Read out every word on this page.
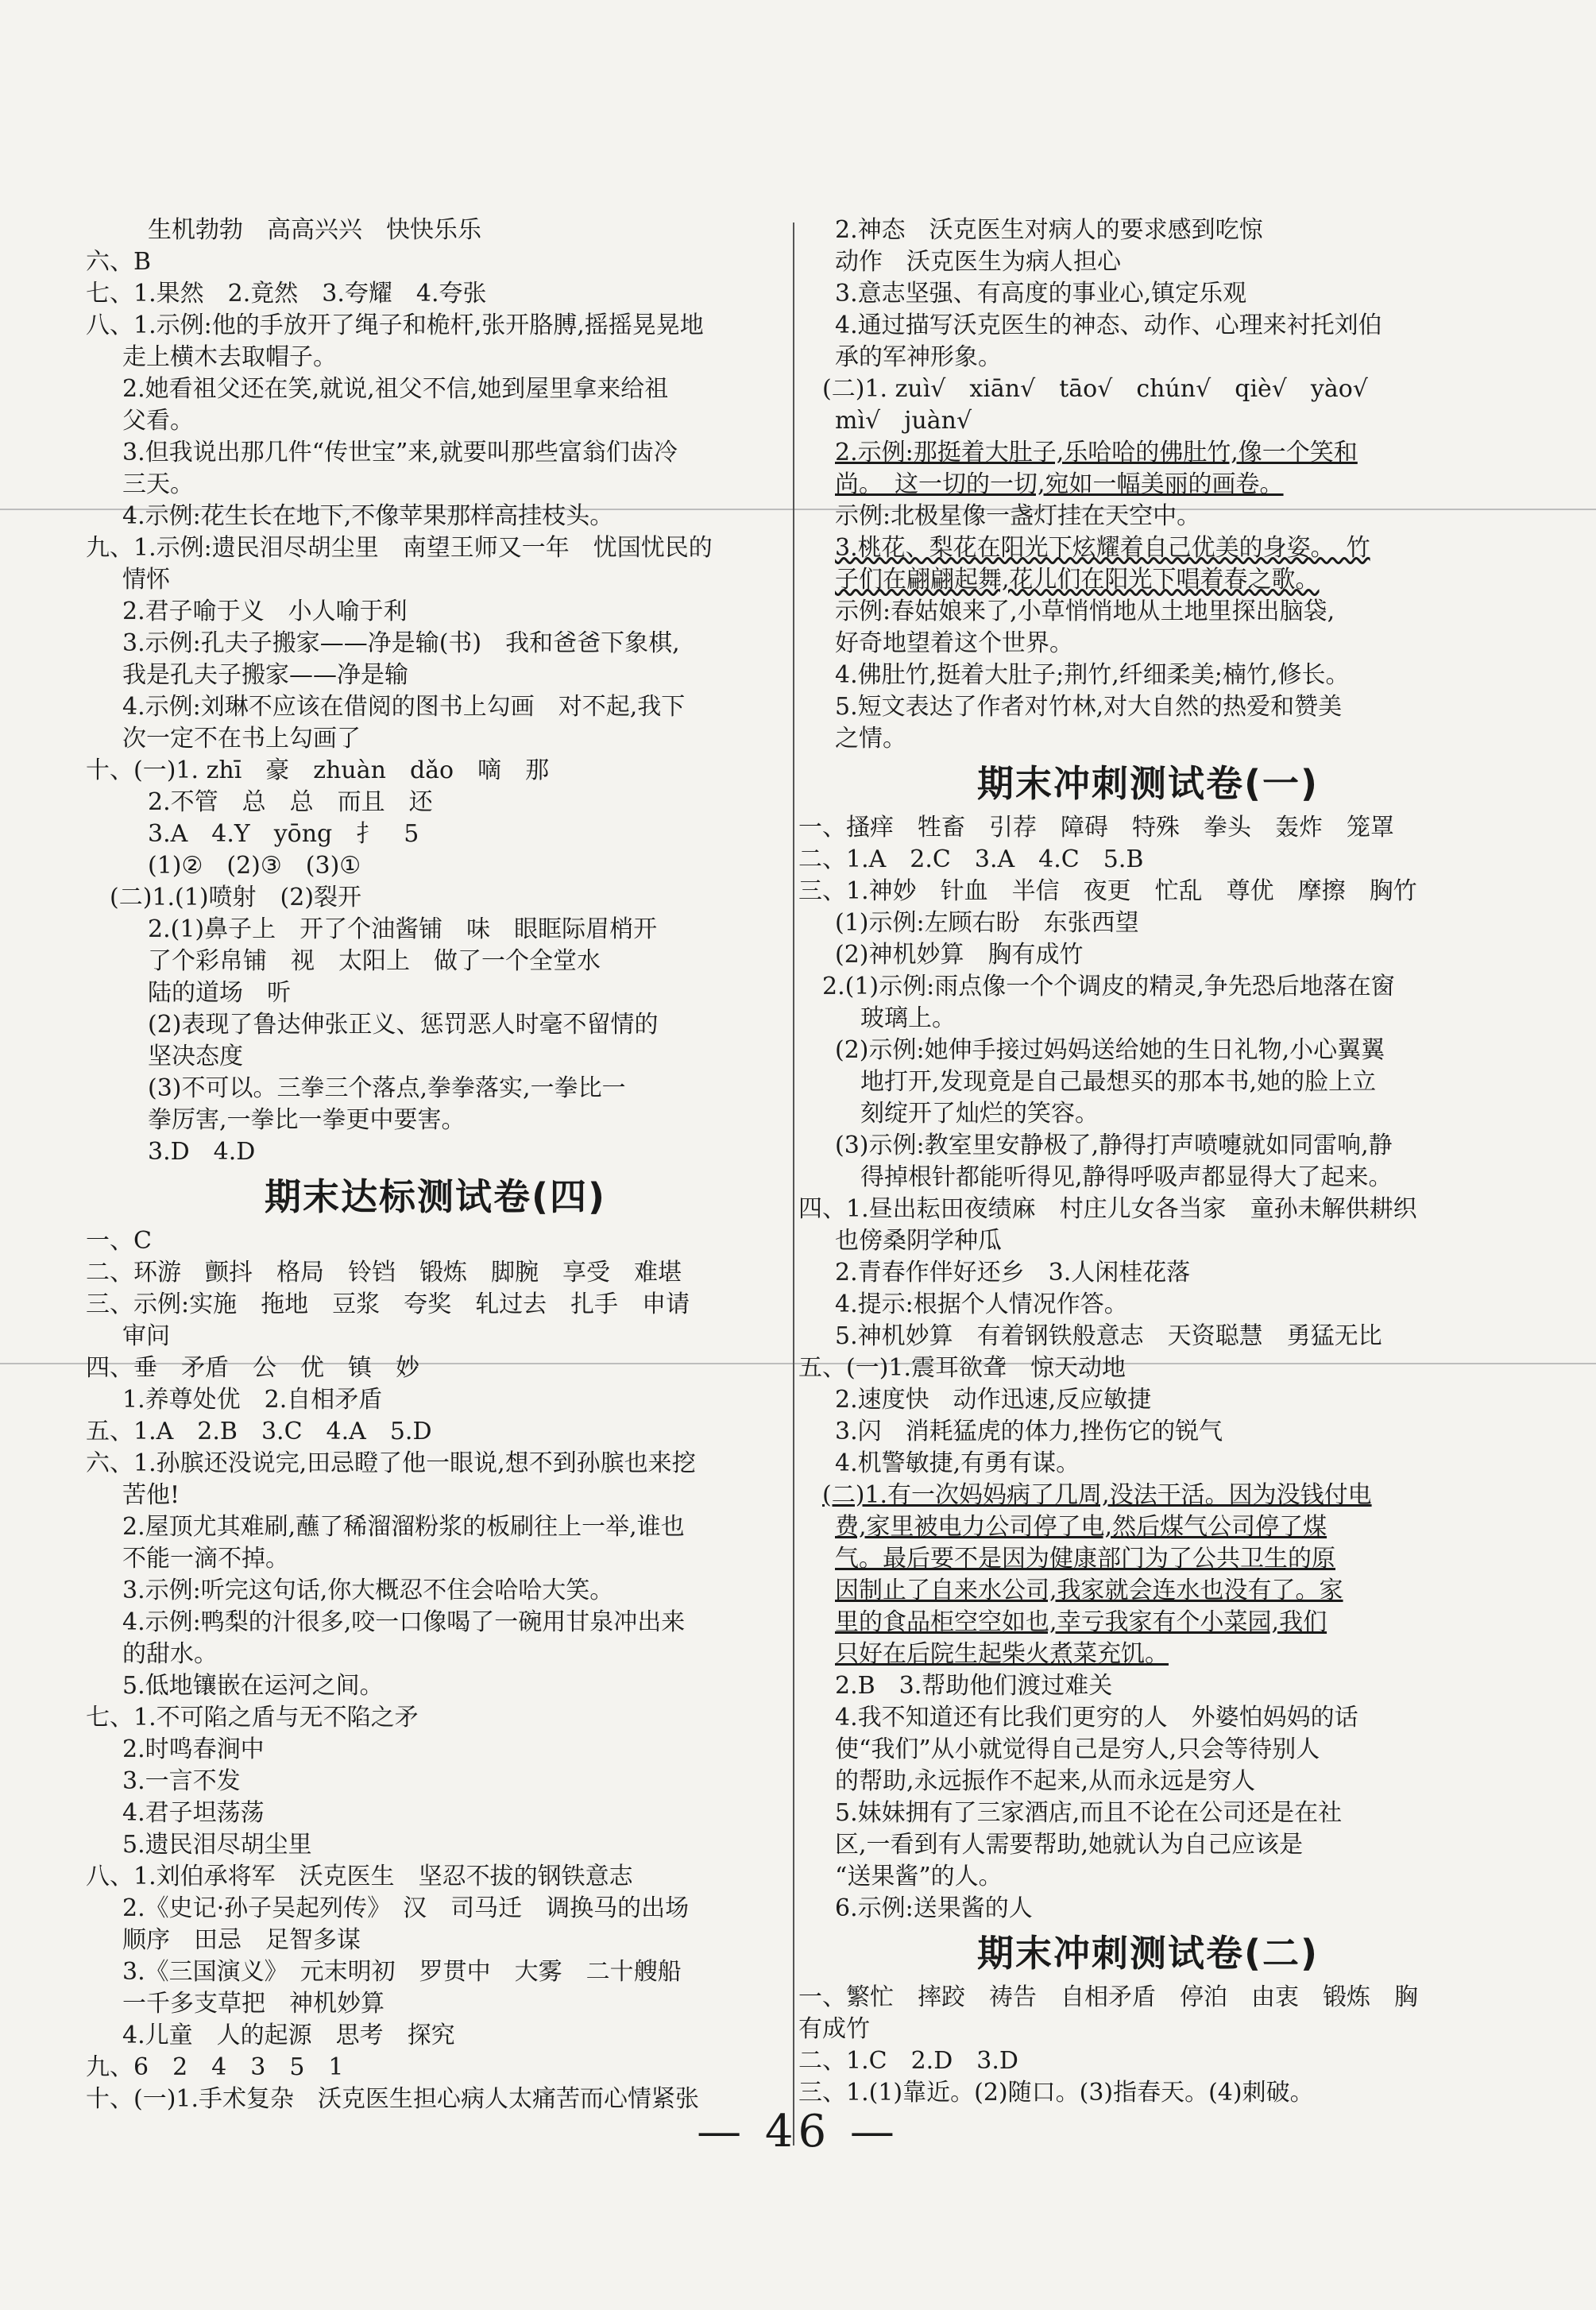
生机勃勃　高高兴兴　快快乐乐
六、B
七、1.果然　2.竟然　3.夸耀　4.夸张
八、1.示例:他的手放开了绳子和桅杆,张开胳膊,摇摇晃晃地
走上横木去取帽子。
2.她看祖父还在笑,就说,祖父不信,她到屋里拿来给祖
父看。
3.但我说出那几件“传世宝”来,就要叫那些富翁们齿冷
三天。
4.示例:花生长在地下,不像苹果那样高挂枝头。
九、1.示例:遗民泪尽胡尘里　南望王师又一年　忧国忧民的
情怀
2.君子喻于义　小人喻于利
3.示例:孔夫子搬家——净是输(书)　我和爸爸下象棋,
我是孔夫子搬家——净是输
4.示例:刘琳不应该在借阅的图书上勾画　对不起,我下
次一定不在书上勾画了
十、(一)1. zhī　豪　zhuàn　dǎo　嘀　那
2.不管　总　总　而且　还
3.A　4.Y　yōng　扌　5
(1)②　(2)③　(3)①
(二)1.(1)喷射　(2)裂开
2.(1)鼻子上　开了个油酱铺　味　眼眶际眉梢开
了个彩帛铺　视　太阳上　做了一个全堂水
陆的道场　听
(2)表现了鲁达伸张正义、惩罚恶人时毫不留情的
坚决态度
(3)不可以。三拳三个落点,拳拳落实,一拳比一
拳厉害,一拳比一拳更中要害。
3.D　4.D
期末达标测试卷(四)
一、C
二、环游　颤抖　格局　铃铛　锻炼　脚腕　享受　难堪
三、示例:实施　拖地　豆浆　夸奖　轧过去　扎手　申请
审问
四、垂　矛盾　公　优　镇　妙
1.养尊处优　2.自相矛盾
五、1.A　2.B　3.C　4.A　5.D
六、1.孙膑还没说完,田忌瞪了他一眼说,想不到孙膑也来挖
苦他!
2.屋顶尤其难刷,蘸了稀溜溜粉浆的板刷往上一举,谁也
不能一滴不掉。
3.示例:听完这句话,你大概忍不住会哈哈大笑。
4.示例:鸭梨的汁很多,咬一口像喝了一碗用甘泉冲出来
的甜水。
5.低地镶嵌在运河之间。
七、1.不可陷之盾与无不陷之矛
2.时鸣春涧中
3.一言不发
4.君子坦荡荡
5.遗民泪尽胡尘里
八、1.刘伯承将军　沃克医生　坚忍不拔的钢铁意志
2.《史记·孙子吴起列传》　汉　司马迁　调换马的出场
顺序　田忌　足智多谋
3.《三国演义》　元末明初　罗贯中　大雾　二十艘船
一千多支草把　神机妙算
4.儿童　人的起源　思考　探究
九、6　2　4　3　5　1
十、(一)1.手术复杂　沃克医生担心病人太痛苦而心情紧张
2.神态　沃克医生对病人的要求感到吃惊
动作　沃克医生为病人担心
3.意志坚强、有高度的事业心,镇定乐观
4.通过描写沃克医生的神态、动作、心理来衬托刘伯
承的军神形象。
(二)1. zuì√　xiān√　tāo√　chún√　qiè√　yào√
mì√　juàn√
2.示例:那挺着大肚子,乐哈哈的佛肚竹,像一个笑和
尚。　这一切的一切,宛如一幅美丽的画卷。
示例:北极星像一盏灯挂在天空中。
3.桃花、梨花在阳光下炫耀着自己优美的身姿。　竹
子们在翩翩起舞,花儿们在阳光下唱着春之歌。
示例:春姑娘来了,小草悄悄地从土地里探出脑袋,
好奇地望着这个世界。
4.佛肚竹,挺着大肚子;荆竹,纤细柔美;楠竹,修长。
5.短文表达了作者对竹林,对大自然的热爱和赞美
之情。
期末冲刺测试卷(一)
一、搔痒　牲畜　引荐　障碍　特殊　拳头　轰炸　笼罩
二、1.A　2.C　3.A　4.C　5.B
三、1.神妙　针血　半信　夜更　忙乱　尊优　摩擦　胸竹
(1)示例:左顾右盼　东张西望
(2)神机妙算　胸有成竹
2.(1)示例:雨点像一个个调皮的精灵,争先恐后地落在窗
玻璃上。
(2)示例:她伸手接过妈妈送给她的生日礼物,小心翼翼
地打开,发现竟是自己最想买的那本书,她的脸上立
刻绽开了灿烂的笑容。
(3)示例:教室里安静极了,静得打声喷嚏就如同雷响,静
得掉根针都能听得见,静得呼吸声都显得大了起来。
四、1.昼出耘田夜绩麻　村庄儿女各当家　童孙未解供耕织
也傍桑阴学种瓜
2.青春作伴好还乡　3.人闲桂花落
4.提示:根据个人情况作答。
5.神机妙算　有着钢铁般意志　天资聪慧　勇猛无比
五、(一)1.震耳欲聋　惊天动地
2.速度快　动作迅速,反应敏捷
3.闪　消耗猛虎的体力,挫伤它的锐气
4.机警敏捷,有勇有谋。
(二)1.有一次妈妈病了几周,没法干活。因为没钱付电
费,家里被电力公司停了电,然后煤气公司停了煤
气。最后要不是因为健康部门为了公共卫生的原
因制止了自来水公司,我家就会连水也没有了。家
里的食品柜空空如也,幸亏我家有个小菜园,我们
只好在后院生起柴火煮菜充饥。
2.B　3.帮助他们渡过难关
4.我不知道还有比我们更穷的人　外婆怕妈妈的话
使“我们”从小就觉得自己是穷人,只会等待别人
的帮助,永远振作不起来,从而永远是穷人
5.妹妹拥有了三家酒店,而且不论在公司还是在社
区,一看到有人需要帮助,她就认为自己应该是
“送果酱”的人。
6.示例:送果酱的人
期末冲刺测试卷(二)
一、繁忙　摔跤　祷告　自相矛盾　停泊　由衷　锻炼　胸
有成竹
二、1.C　2.D　3.D
三、1.(1)靠近。(2)随口。(3)指春天。(4)刺破。
— 46 —
